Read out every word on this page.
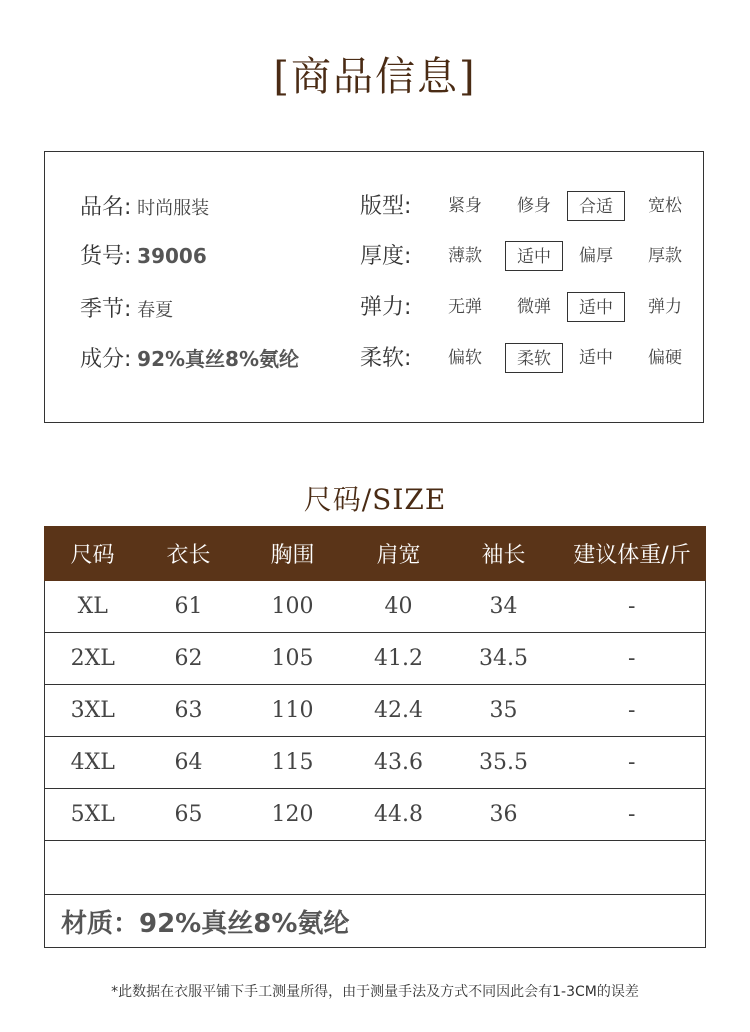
[商品信息]
品名: 时尚服装
货号: 39006
季节: 春夏
成分: 92%真丝8%氨纶
版型:	紧身	修身	合适	宽松
厚度:	薄款	适中	偏厚	厚款
弹力:	无弹	微弹	适中	弹力
柔软:	偏软	柔软	适中	偏硬
尺码/SIZE
尺码	衣长	胸围	肩宽	袖长	建议体重/斤
XL	61	100	40	34	-
2XL	62	105	41.2	34.5	-
3XL	63	110	42.4	35	-
4XL	64	115	43.6	35.5	-
5XL	65	120	44.8	36	-

材质：92%真丝8%氨纶					
*此数据在衣服平铺下手工测量所得，由于测量手法及方式不同因此会有1-3CM的误差
